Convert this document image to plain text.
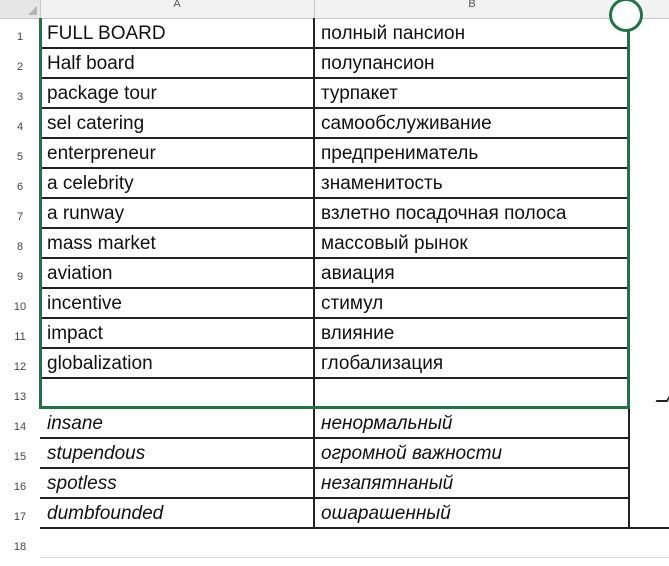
A	B
1	FULL BOARD	полный пансион
2	Half board	полупансион
3	package tour	турпакет
4	sel catering	самообслуживание
5	enterpreneur	предпрениматель
6	a celebrity	знаменитость
7	a runway	взлетно посадочная полоса
8	mass market	массовый рынок
9	aviation	авиация
10	incentive	стимул
11	impact	влияние
12	globalization	глобализация
13
14	insane	ненормальный
15	stupendous	огромной важности
16	spotless	незапятнаный
17	dumbfounded	ошарашенный
18
